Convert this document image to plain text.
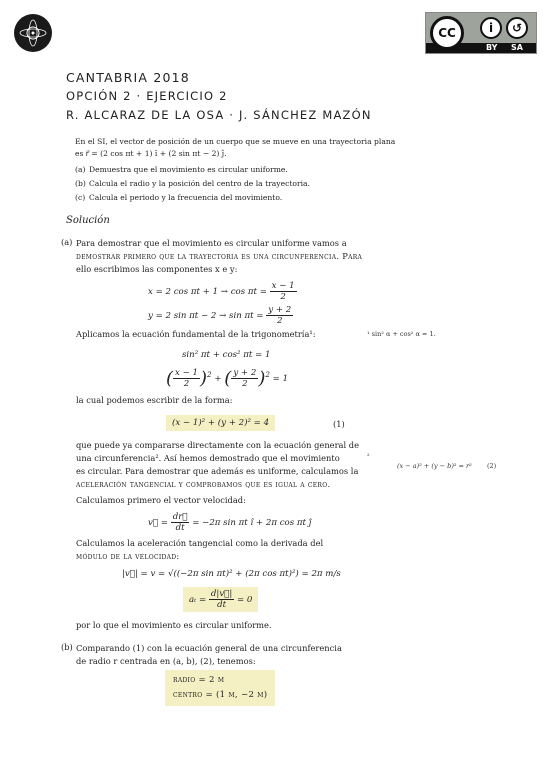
CC	i	↺
BY SA
CANTABRIA 2018
OPCIÓN 2 · EJERCICIO 2
R. ALCARAZ DE LA OSA · J. SÁNCHEZ MAZÓN
En el SI, el vector de posición de un cuerpo que se mueve en una trayectoria plana
es r⃗ = (2 cos πt + 1) î + (2 sin πt − 2) ĵ.
(a) Demuestra que el movimiento es circular uniforme.
(b) Calcula el radio y la posición del centro de la trayectoria.
(c) Calcula el periodo y la frecuencia del movimiento.
Solución
(a) Para demostrar que el movimiento es circular uniforme vamos a
demostrar primero que la trayectoria es una circunferencia. Para
ello escribimos las componentes x e y:
x = 2 $\cos \pi t + 1 \to \cos \pi t = \frac{x - 1}{2}$
y = 2 $\sin \pi t - 2 \to \sin \pi t = \frac{y + 2}{2}$
Aplicamos la ecuación fundamental de la trigonometría¹:
sin² πt + cos² πt = 1
( $\frac{x - 1}{2} )^2$ + ( $\frac{y + 2}{2} )^2 = 1$
la cual podemos escribir de la forma:
(x − 1)² + (y + 2)² = 4	(1)
que puede ya compararse directamente con la ecuación general de
una circunferencia². Así hemos demostrado que el movimiento
es circular. Para demostrar que además es uniforme, calculamos la
aceleración tangencial y comprobamos que es igual a cero.
Calculamos primero el vector velocidad:
v⃗ = $\frac{dr⃗}{dt} = -2\pi$ sin πt î + 2π cos πt ĵ
Calculamos la aceleración tangencial como la derivada del
módulo de la velocidad:
|v⃗| = v = √((−2π sin πt)² + (2π cos πt)²) = 2π m/s
$a_t = \frac{d|v⃗|}{dt} = 0$
por lo que el movimiento es circular uniforme.
(b) Comparando (1) con la ecuación general de una circunferencia
de radio r centrada en (a, b), (2), tenemos:
radio = 2 m
centro = (1 m, −2 m)
¹ sin² α + cos² α = 1.
²
(x − a)² + (y − b)² = r² (2)
